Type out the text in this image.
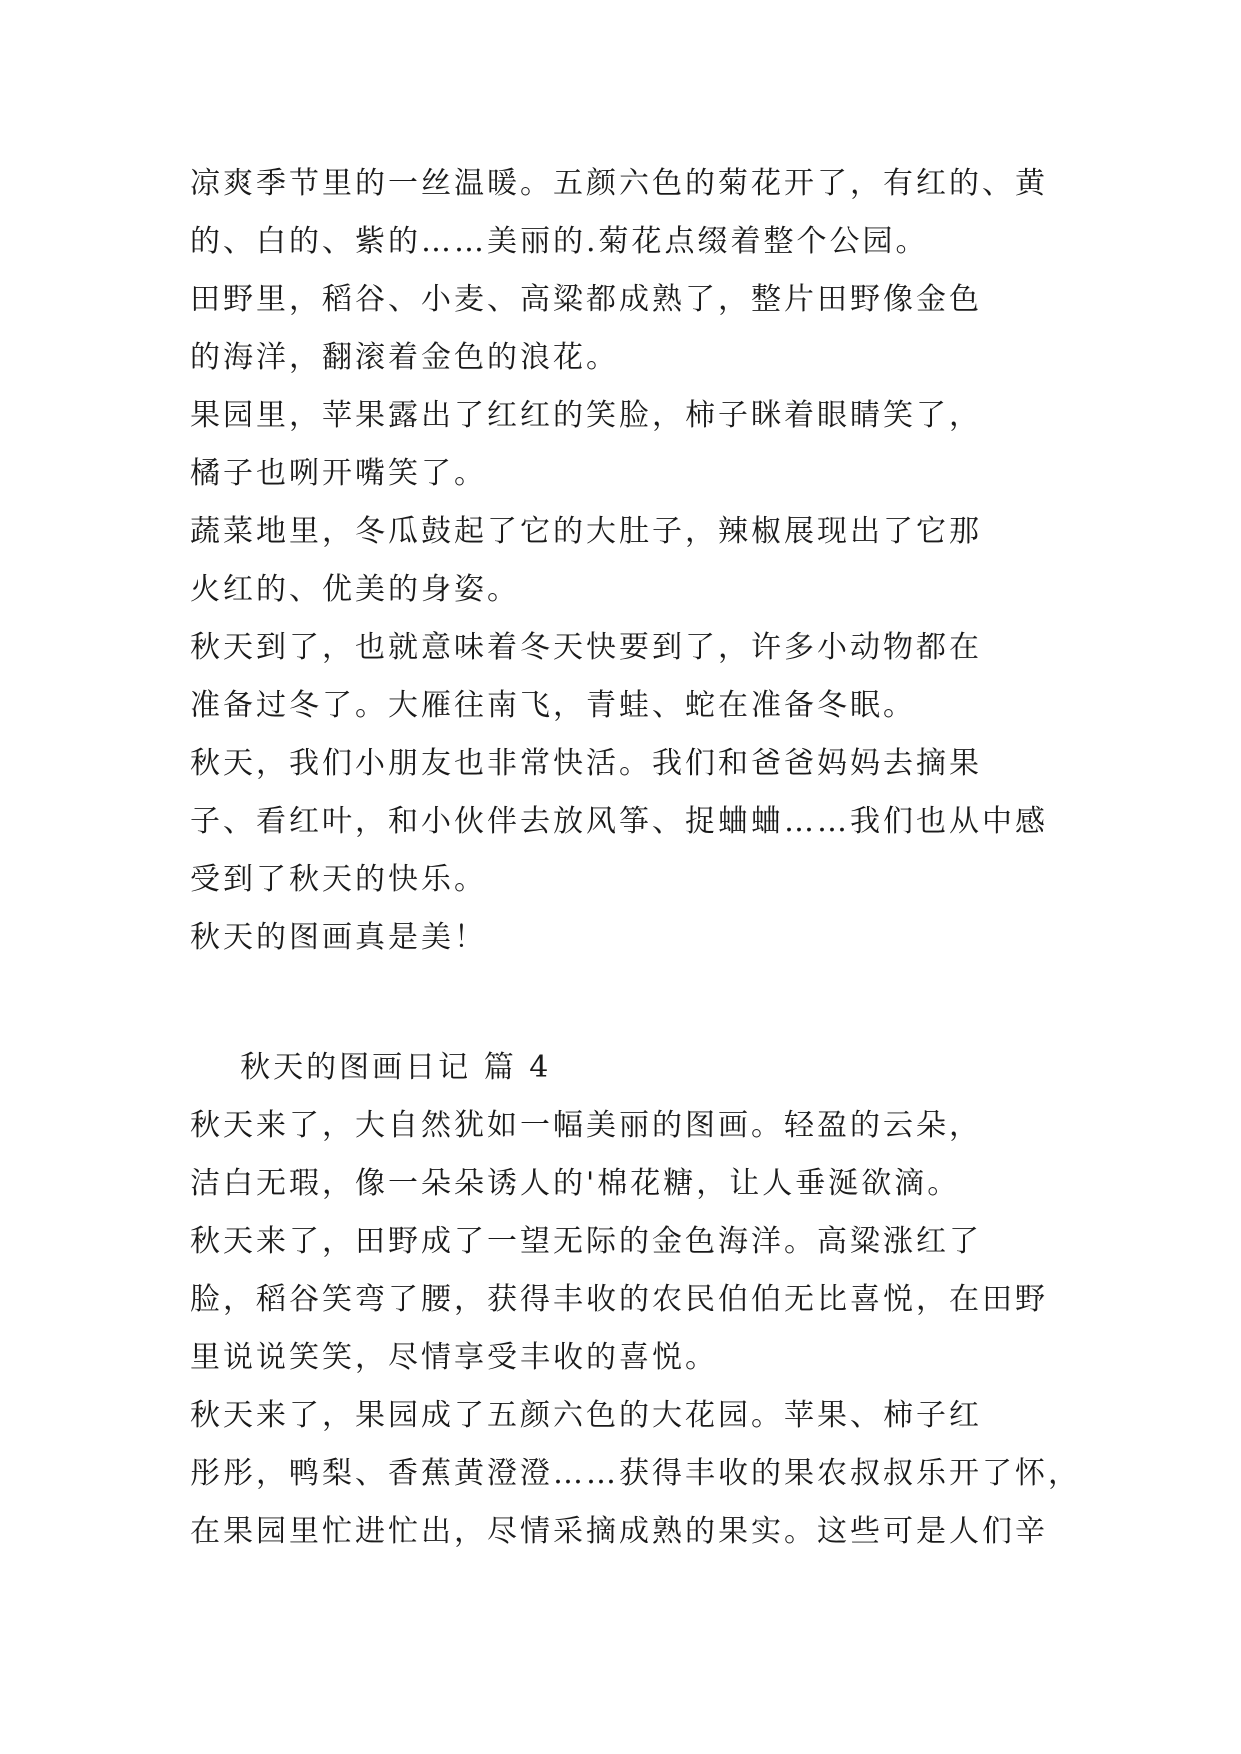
凉爽季节里的一丝温暖。五颜六色的菊花开了，有红的、黄
的、白的、紫的……美丽的.菊花点缀着整个公园。

田野里，稻谷、小麦、高粱都成熟了，整片田野像金色
的海洋，翻滚着金色的浪花。

果园里，苹果露出了红红的笑脸，柿子眯着眼睛笑了，
橘子也咧开嘴笑了。

蔬菜地里，冬瓜鼓起了它的大肚子，辣椒展现出了它那
火红的、优美的身姿。

秋天到了，也就意味着冬天快要到了，许多小动物都在
准备过冬了。大雁往南飞，青蛙、蛇在准备冬眠。

秋天，我们小朋友也非常快活。我们和爸爸妈妈去摘果
子、看红叶，和小伙伴去放风筝、捉蛐蛐……我们也从中感
受到了秋天的快乐。

秋天的图画真是美！

秋天的图画日记 篇 4

秋天来了，大自然犹如一幅美丽的图画。轻盈的云朵，
洁白无瑕，像一朵朵诱人的'棉花糖，让人垂涎欲滴。

秋天来了，田野成了一望无际的金色海洋。高粱涨红了
脸，稻谷笑弯了腰，获得丰收的农民伯伯无比喜悦，在田野
里说说笑笑，尽情享受丰收的喜悦。

秋天来了，果园成了五颜六色的大花园。苹果、柿子红
彤彤，鸭梨、香蕉黄澄澄……获得丰收的果农叔叔乐开了怀，
在果园里忙进忙出，尽情采摘成熟的果实。这些可是人们辛
